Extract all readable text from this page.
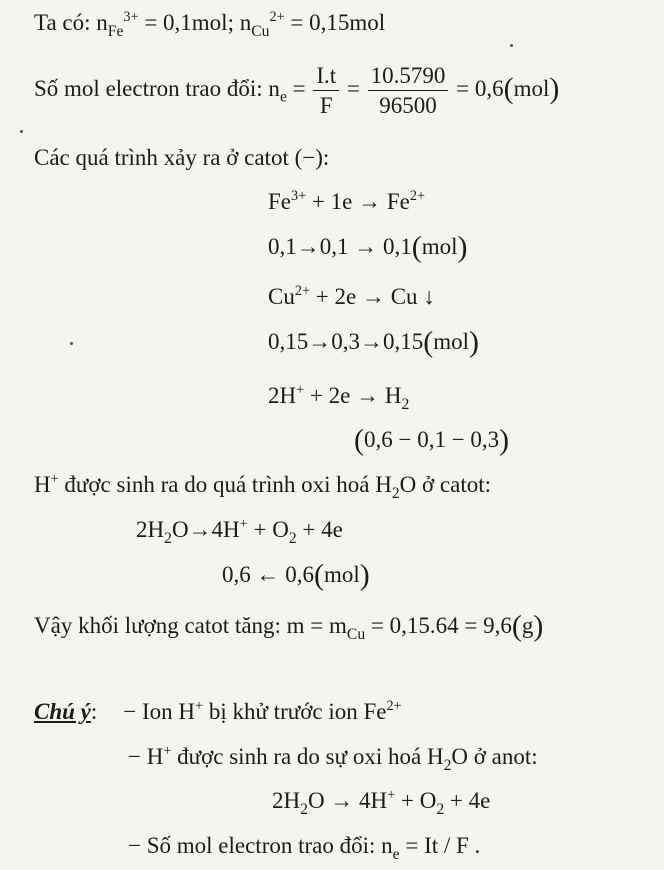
Ta có: $n_{Fe}^{3+} = 0,1mol$; $n_{Cu}^{2+} = 0,15mol$
Số mol electron trao đổi: $n_e = \frac{I.t}{F} = \frac{10.5790}{96500} = 0,6(mol)$
Các quá trình xảy ra ở catot (−):
$Fe^{3+} + 1e \to Fe^{2+}$
0,1→0,1 → 0,1(mol)
$Cu^{2+} + 2e \to Cu$ ↓
0,15→0,3→0,15(mol)
$2H^+ + 2e \to H_2$
(0,6 − 0,1 − 0,3)
H+ được sinh ra do quá trình oxi hoá $H_2O$ ở catot:
$2H_2O\to 4H^+ + O_2 + 4e$
0,6 ← 0,6(mol)
Vậy khối lượng catot tăng: $m = m_{Cu} = 0,15.64 = 9,6(g)$
Chú ý: − Ion H+ bị khử trước ion $Fe^{2+}$
− H+ được sinh ra do sự oxi hoá $H_2O$ ở anot:
$2H_2O \to 4H^+ + O_2 + 4e$
− Số mol electron trao đổi: $n_e = It / F$ .
